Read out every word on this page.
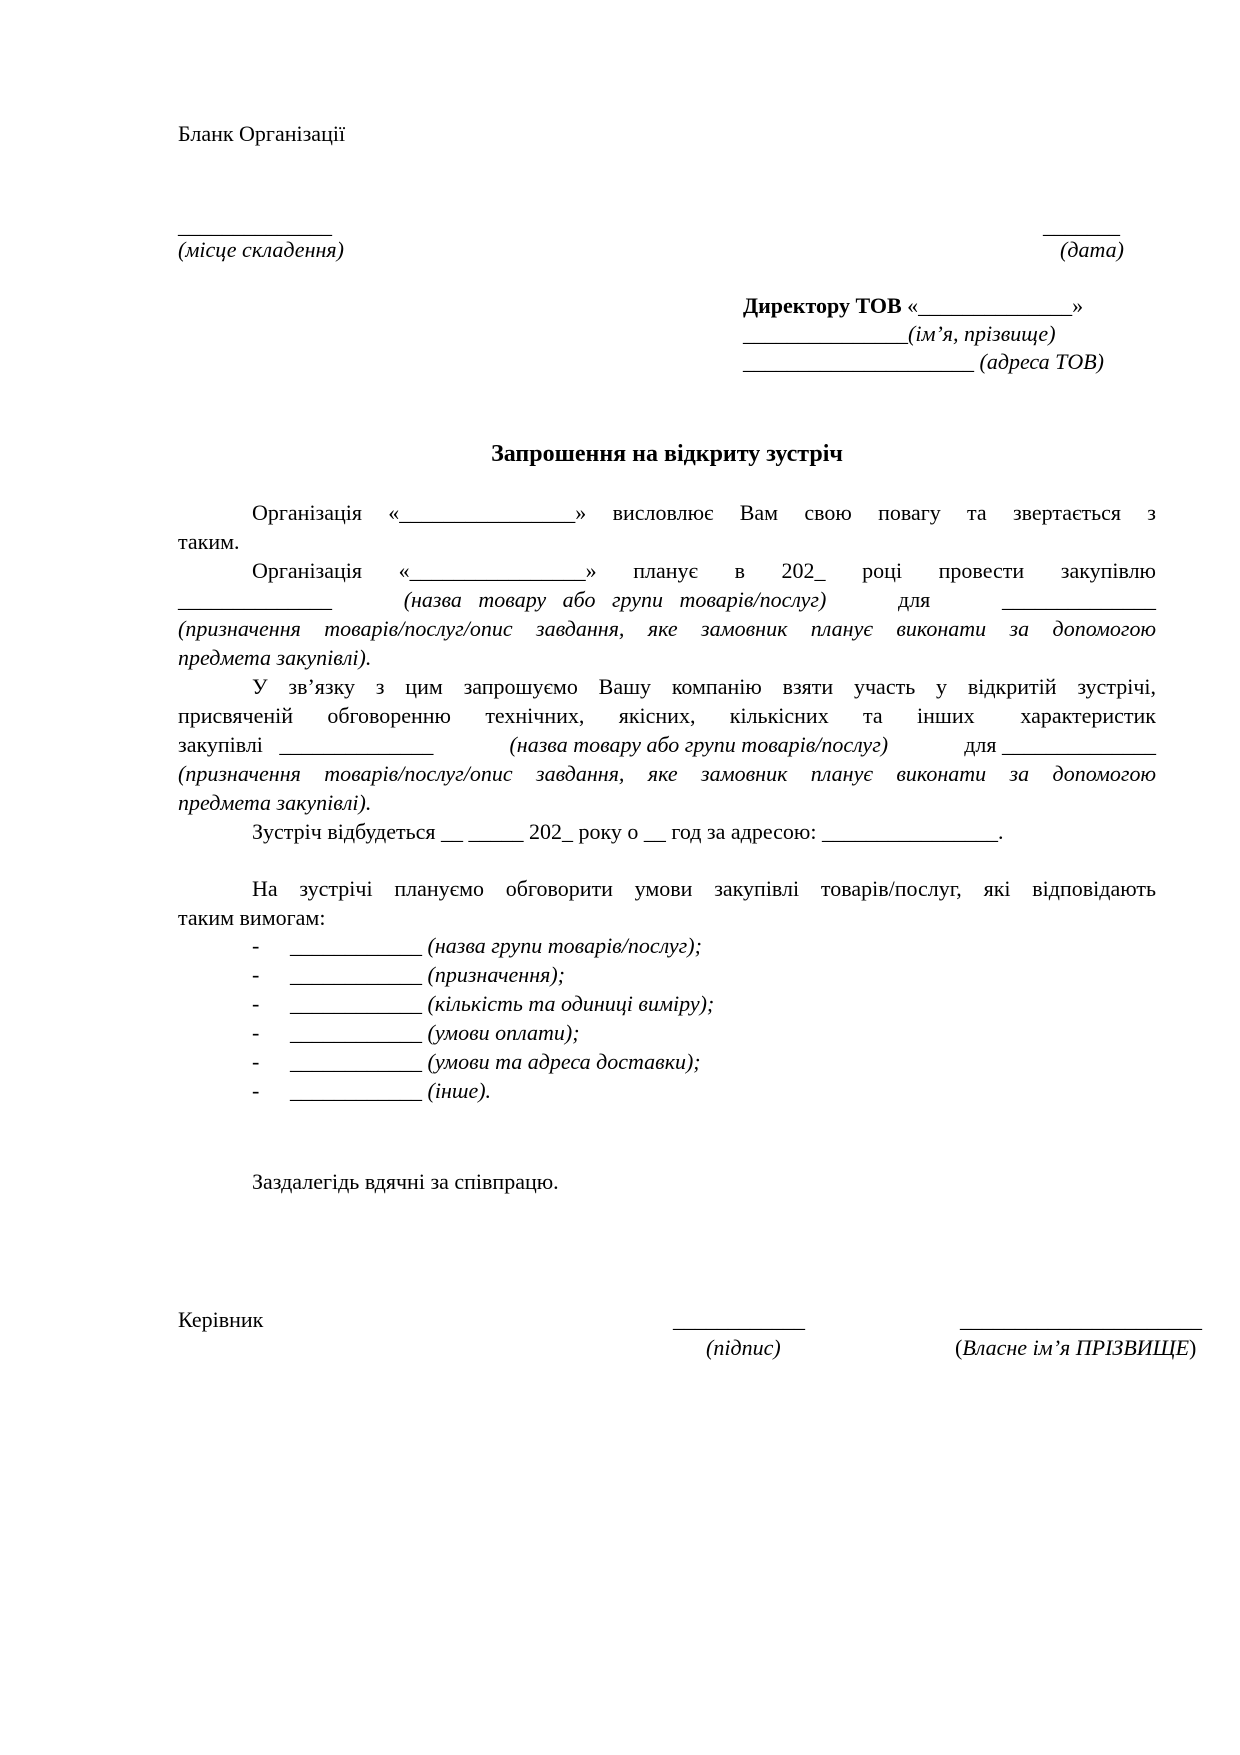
Бланк Організації
______________
(місце складення)
_______
(дата)
Директору ТОВ «______________»
_______________(ім’я, прізвище)
_____________________ (адреса ТОВ)
Запрошення на відкриту зустріч
Організація «________________» висловлює Вам свою повагу та звертається з
таким.
Організація «________________» планує в 202_ році провести закупівлю
______________	(назва   товару   або   групи   товарів/послуг)	для	______________
(призначення товарів/послуг/опис завдання, яке замовник планує виконати за допомогою
предмета закупівлі).
У зв’язку з цим запрошуємо Вашу компанію взяти участь у відкритій зустрічі,
присвяченій   обговоренню   технічних,   якісних,   кількісних   та   інших    характеристик
закупівлі   ______________	(назва товару або групи товарів/послуг)	для ______________
(призначення товарів/послуг/опис завдання, яке замовник планує виконати за допомогою
предмета закупівлі).
Зустріч відбудеться __ _____ 202_ року о __ год за адресою: ________________.
На зустрічі плануємо обговорити умови закупівлі товарів/послуг, які відповідають
таким вимогам:
- ____________ (назва групи товарів/послуг);
- ____________ (призначення);
- ____________ (кількість та одиниці виміру);
- ____________ (умови оплати);
- ____________ (умови та адреса доставки);
- ____________ (інше).
Заздалегідь вдячні за співпрацю.
Керівник	____________
(підпис)
______________________
(Власне ім’я ПРІЗВИЩЕ)
